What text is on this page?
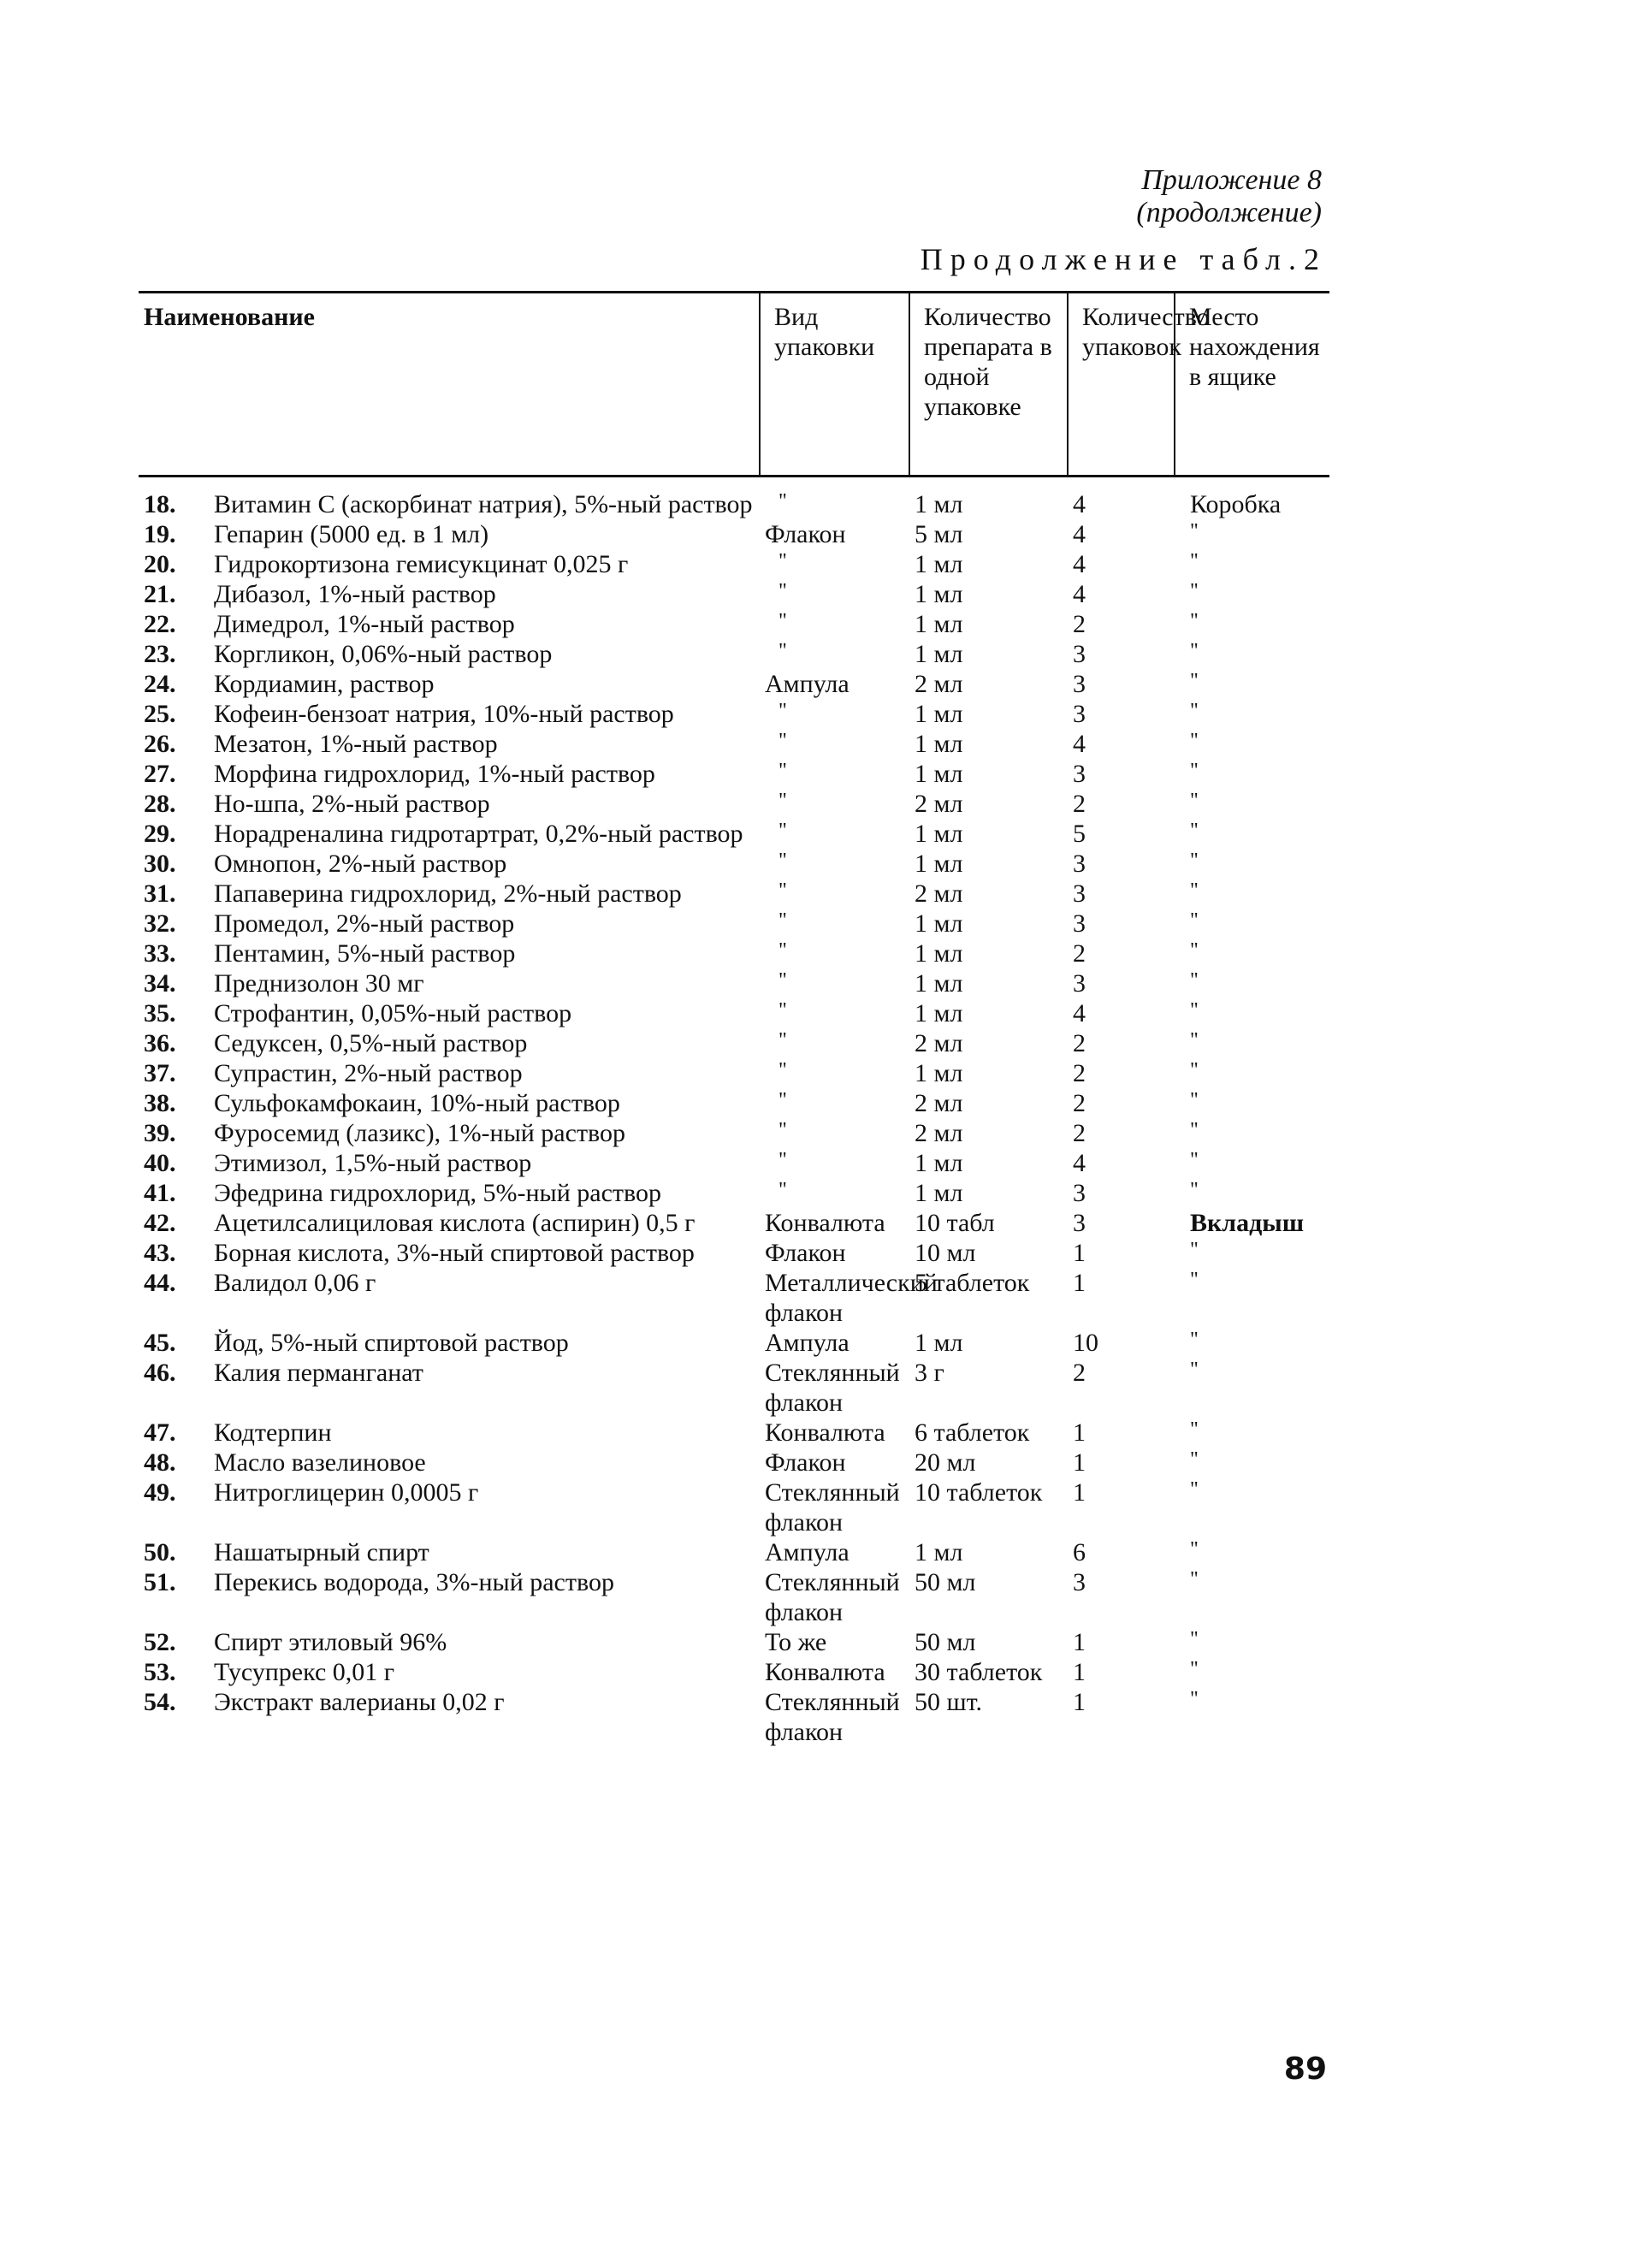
Приложение 8
(продолжение)
Продолжение табл.2
Наименование		Вид упаковки	Количество препарата в одной упаковке	Количество упаковок	Место нахождения в ящике
18.	Витамин С (аскорбинат натрия), 5%-ный раствор	"	1 мл	4	Коробка
19.	Гепарин (5000 ед. в 1 мл)	Флакон	5 мл	4	"
20.	Гидрокортизона гемисукцинат 0,025 г	"	1 мл	4	"
21.	Дибазол, 1%-ный раствор	"	1 мл	4	"
22.	Димедрол, 1%-ный раствор	"	1 мл	2	"
23.	Коргликон, 0,06%-ный раствор	"	1 мл	3	"
24.	Кордиамин, раствор	Ампула	2 мл	3	"
25.	Кофеин-бензоат натрия, 10%-ный раствор	"	1 мл	3	"
26.	Мезатон, 1%-ный раствор	"	1 мл	4	"
27.	Морфина гидрохлорид, 1%-ный раствор	"	1 мл	3	"
28.	Но-шпа, 2%-ный раствор	"	2 мл	2	"
29.	Норадреналина гидротартрат, 0,2%-ный раствор	"	1 мл	5	"
30.	Омнопон, 2%-ный раствор	"	1 мл	3	"
31.	Папаверина гидрохлорид, 2%-ный раствор	"	2 мл	3	"
32.	Промедол, 2%-ный раствор	"	1 мл	3	"
33.	Пентамин, 5%-ный раствор	"	1 мл	2	"
34.	Преднизолон 30 мг	"	1 мл	3	"
35.	Строфантин, 0,05%-ный раствор	"	1 мл	4	"
36.	Седуксен, 0,5%-ный раствор	"	2 мл	2	"
37.	Супрастин, 2%-ный раствор	"	1 мл	2	"
38.	Сульфокамфокаин, 10%-ный раствор	"	2 мл	2	"
39.	Фуросемид (лазикс), 1%-ный раствор	"	2 мл	2	"
40.	Этимизол, 1,5%-ный раствор	"	1 мл	4	"
41.	Эфедрина гидрохлорид, 5%-ный раствор	"	1 мл	3	"
42.	Ацетилсалициловая кислота (аспирин) 0,5 г	Конвалюта	10 табл	3	Вкладыш
43.	Борная кислота, 3%-ный спиртовой раствор	Флакон	10 мл	1	"
44.	Валидол 0,06 г	Металлический флакон	5 таблеток	1	"
45.	Йод, 5%-ный спиртовой раствор	Ампула	1 мл	10	"
46.	Калия перманганат	Стеклянный флакон	3 г	2	"
47.	Кодтерпин	Конвалюта	6 таблеток	1	"
48.	Масло вазелиновое	Флакон	20 мл	1	"
49.	Нитроглицерин 0,0005 г	Стеклянный флакон	10 таблеток	1	"
50.	Нашатырный спирт	Ампула	1 мл	6	"
51.	Перекись водорода, 3%-ный раствор	Стеклянный флакон	50 мл	3	"
52.	Спирт этиловый 96%	То же	50 мл	1	"
53.	Тусупрекс 0,01 г	Конвалюта	30 таблеток	1	"
54.	Экстракт валерианы 0,02 г	Стеклянный флакон	50 шт.	1	"
89
